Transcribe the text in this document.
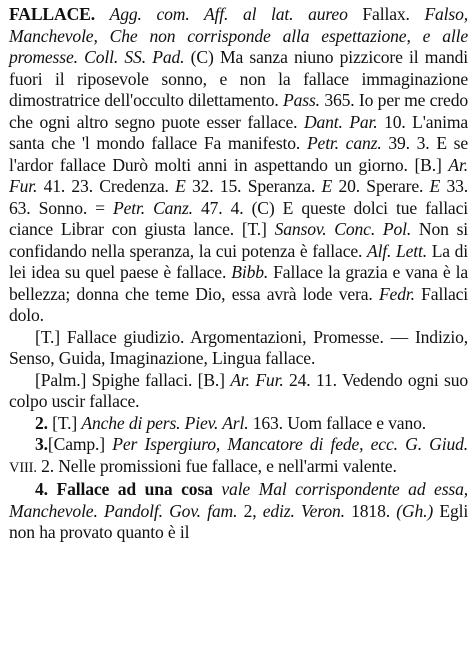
FALLACE. Agg. com. Aff. al lat. aureo Fallax. Falso, Manchevole, Che non corrisponde alla espettazione, e alle promesse. Coll. SS. Pad. (C) Ma sanza niuno pizzicore il mandi fuori il riposevole sonno, e non la fallace immaginazione dimostratrice dell'occulto dilettamento. Pass. 365. Io per me credo che ogni altro segno puote esser fallace. Dant. Par. 10. L'anima santa che 'l mondo fallace Fa manifesto. Petr. canz. 39. 3. E se l'ardor fallace Durò molti anni in aspettando un giorno. [B.] Ar. Fur. 41. 23. Credenza. E 32. 15. Speranza. E 20. Sperare. E 33. 63. Sonno. = Petr. Canz. 47. 4. (C) E queste dolci tue fallaci ciance Librar con giusta lance. [T.] Sansov. Conc. Pol. Non si confidando nella speranza, la cui potenza è fallace. Alf. Lett. La di lei idea su quel paese è fallace. Bibb. Fallace la grazia e vana è la bellezza; donna che teme Dio, essa avrà lode vera. Fedr. Fallaci dolo.

[T.] Fallace giudizio. Argomentazioni, Promesse. — Indizio, Senso, Guida, Imaginazione, Lingua fallace.

[Palm.] Spighe fallaci. [B.] Ar. Fur. 24. 11. Vedendo ogni suo colpo uscir fallace.

2. [T.] Anche di pers. Piev. Arl. 163. Uom fallace e vano.

3.[Camp.] Per Ispergiuro, Mancatore di fede, ecc. G. Giud. VIII. 2. Nelle promissioni fue fallace, e nell'armi valente.

4. Fallace ad una cosa vale Mal corrispondente ad essa, Manchevole. Pandolf. Gov. fam. 2, ediz. Veron. 1818. (Gh.) Egli non ha provato quanto è il
